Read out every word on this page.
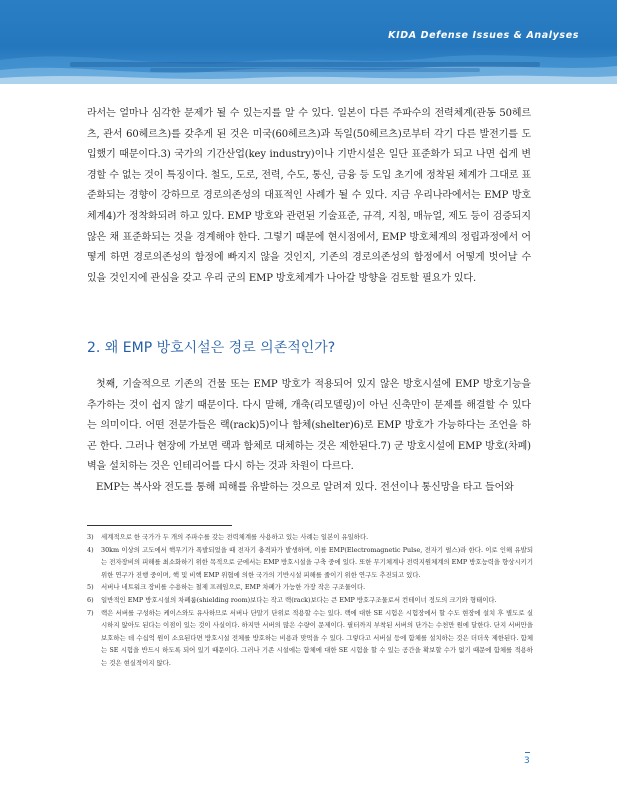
KIDA Defense Issues & Analyses

라서는 얼마나 심각한 문제가 될 수 있는지를 알 수 있다. 일본이 다른 주파수의 전력체계(관동 50헤르츠, 관서 60헤르츠)를 갖추게 된 것은 미국(60헤르츠)과 독일(50헤르츠)로부터 각기 다른 발전기를 도입했기 때문이다.3) 국가의 기간산업(key industry)이나 기반시설은 일단 표준화가 되고 나면 쉽게 변경할 수 없는 것이 특징이다. 철도, 도로, 전력, 수도, 통신, 금융 등 도입 초기에 정착된 체계가 그대로 표준화되는 경향이 강하므로 경로의존성의 대표적인 사례가 될 수 있다. 지금 우리나라에서는 EMP 방호체계4)가 정착화되려 하고 있다. EMP 방호와 관련된 기술표준, 규격, 지침, 매뉴얼, 제도 등이 검증되지 않은 채 표준화되는 것을 경계해야 한다. 그렇기 때문에 현시점에서, EMP 방호체계의 정립과정에서 어떻게 하면 경로의존성의 함정에 빠지지 않을 것인지, 기존의 경로의존성의 함정에서 어떻게 벗어날 수 있을 것인지에 관심을 갖고 우리 군의 EMP 방호체계가 나아갈 방향을 검토할 필요가 있다.

2. 왜 EMP 방호시설은 경로 의존적인가?

첫째, 기술적으로 기존의 건물 또는 EMP 방호가 적용되어 있지 않은 방호시설에 EMP 방호기능을 추가하는 것이 쉽지 않기 때문이다. 다시 말해, 개축(리모델링)이 아닌 신축만이 문제를 해결할 수 있다는 의미이다. 어떤 전문가들은 랙(rack)5)이나 함체(shelter)6)로 EMP 방호가 가능하다는 조언을 하곤 한다. 그러나 현장에 가보면 랙과 함체로 대체하는 것은 제한된다.7) 군 방호시설에 EMP 방호(차폐)벽을 설치하는 것은 인테리어를 다시 하는 것과 차원이 다르다.

EMP는 복사와 전도를 통해 피해를 유발하는 것으로 알려져 있다. 전선이나 통신망을 타고 들어와

3)	세계적으로 한 국가가 두 개의 주파수를 갖는 전력체계를 사용하고 있는 사례는 일본이 유일하다.
4)	30km 이상의 고도에서 핵무기가 폭발되었을 때 전자기 충격파가 발생하며, 이를 EMP(Electromagnetic Pulse, 전자기 펄스)라 한다. 이로 인해 유발되는 전자장비의 피해를 최소화하기 위한 목적으로 군에서는 EMP 방호시설을 구축 중에 있다. 또한 무기체계나 전력지원체계의 EMP 방호능력을 향상시키기 위한 연구가 진행 중이며, 핵 및 비핵 EMP 위협에 의한 국가의 기반시설 피해를 줄이기 위한 연구도 추진되고 있다.
5)	서버나 네트워크 장비를 수용하는 철제 프레임으로, EMP 차폐가 가능한 가장 작은 구조물이다.
6)	일반적인 EMP 방호시설의 차폐룸(shielding room)보다는 작고 랙(rack)보다는 큰 EMP 방호구조물로서 컨테이너 정도의 크기와 형태이다.
7)	랙은 서버를 구성하는 케이스와도 유사하므로 서버나 단말기 단위로 적용할 수는 있다. 랙에 대한 SE 시험은 시험장에서 할 수도 현장에 설치 후 별도로 실시하지 않아도 된다는 이점이 있는 것이 사실이다. 하지만 서버의 많은 수량이 문제이다. 필터까지 부착된 서버의 단가는 수천만 원에 달한다. 단지 서버만을 보호하는 데 수십억 원이 소요된다면 방호시설 전체를 방호하는 비용과 맞먹을 수 있다. 그렇다고 서버실 등에 함체를 설치하는 것은 더더욱 제한된다. 함체는 SE 시험을 반드시 하도록 되어 있기 때문이다. 그러나 기존 시설에는 함체에 대한 SE 시험을 할 수 있는 공간을 확보할 수가 없기 때문에 함체를 적용하는 것은 현실적이지 않다.
3
